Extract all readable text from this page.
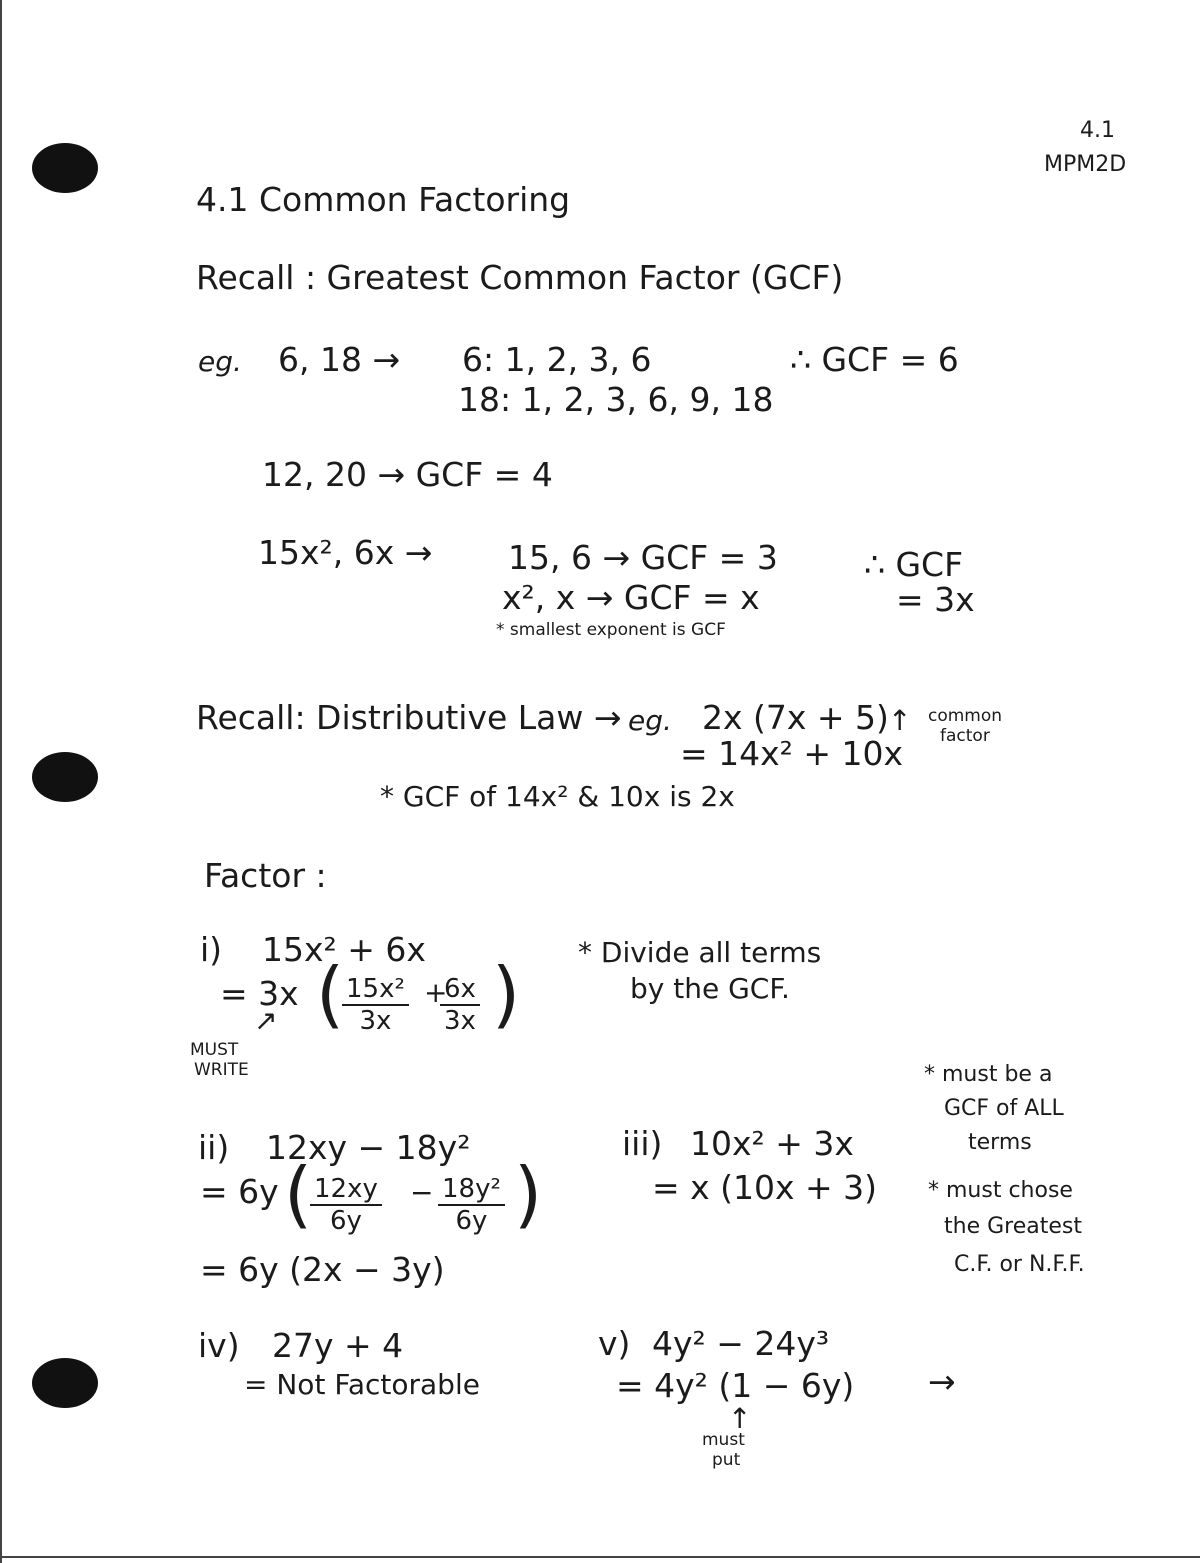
4.1
MPM2D
4.1 Common Factoring
Recall : Greatest Common Factor (GCF)
eg. 6, 18 → 6: 1, 2, 3, 6
18: 1, 2, 3, 6, 9, 18
∴ GCF = 6
12, 20 → GCF = 4
15x², 6x → 15, 6 → GCF = 3
x², x → GCF = x
* smallest exponent is GCF
∴ GCF
= 3x
Recall: Distributive Law → eg. 2x (7x + 5)
= 14x² + 10x
↑ common
factor
* GCF of 14x² & 10x is 2x
Factor :
i) 15x² + 6x
= 3x (
$\frac{\text{15x²}}{3x}$ +
$\frac{6x}{3x}$ )
↗
MUST
WRITE
* Divide all terms
by the GCF.
ii) 12xy − 18y²
= 6y (
$\frac{12xy}{6y} - \frac{\text{18y²}}{6y}$ )
= 6y (2x − 3y)
iii) 10x² + 3x
= x (10x + 3)
* must be a
GCF of ALL
terms
* must chose
the Greatest
C.F. or N.F.F.
iv) 27y + 4
= Not Factorable
v) 4y² − 24y³
= 4y² (1 − 6y)
↑
must
put
→
